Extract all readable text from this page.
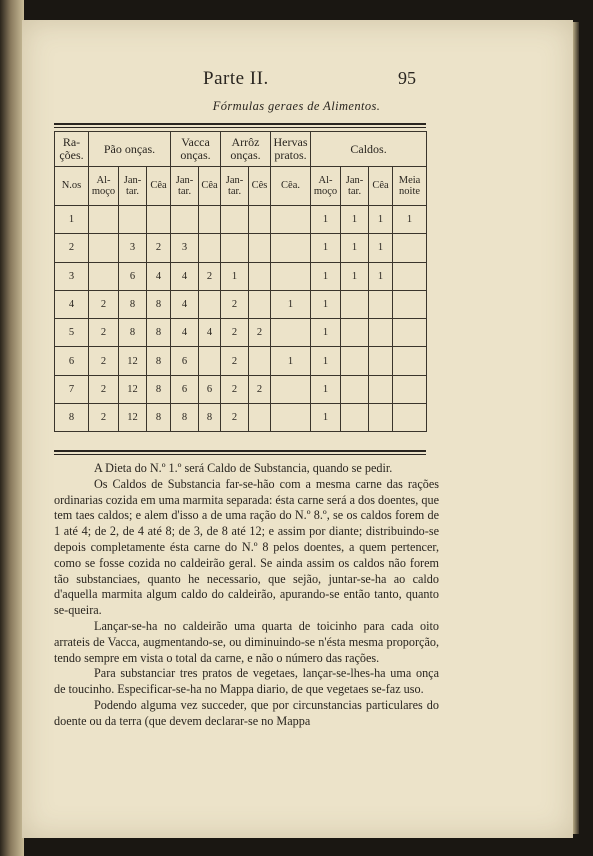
Parte II.	95
Fórmulas geraes de Alimentos.
Ra- ções.	Pão onças.			Vacca onças.		Arrôz onças.		Hervas pratos.	Caldos.			
N.os	Al- moço	Jan- tar.	Cêa	Jan- tar.	Cêa	Jan- tar.	Cês	Cêa.	Al- moço	Jan- tar.	Cêa	Meia noite
1									1	1	1	1
2		3	2	3					1	1	1	
3		6	4	4	2	1			1	1	1	
4	2	8	8	4		2		1	1			
5	2	8	8	4	4	2	2		1			
6	2	12	8	6		2		1	1			
7	2	12	8	6	6	2	2		1			
8	2	12	8	8	8	2			1			

A Dieta do N.º 1.º será Caldo de Substancia, quando se pedir.

Os Caldos de Substancia far-se-hão com a mesma carne das rações ordinarias cozida em uma marmita separada: ésta carne será a dos doentes, que tem taes caldos; e alem d'isso a de uma ração do N.º 8.º, se os caldos forem de 1 até 4; de 2, de 4 até 8; de 3, de 8 até 12; e assim por diante; distribuindo-se depois completamente ésta carne do N.º 8 pelos doentes, a quem pertencer, como se fosse cozida no caldeirão geral. Se ainda assim os caldos não forem tão substanciaes, quanto he necessario, que sejão, juntar-se-ha ao caldo d'aquella marmita algum caldo do caldeirão, apurando-se então tanto, quanto se-queira.

Lançar-se-ha no caldeirão uma quarta de toicinho para cada oito arrateis de Vacca, augmentando-se, ou diminuindo-se n'ésta mesma proporção, tendo sempre em vista o total da carne, e não o número das rações.

Para substanciar tres pratos de vegetaes, lançar-se-lhes-ha uma onça de toucinho. Especificar-se-ha no Mappa diario, de que vegetaes se-faz uso.

Podendo alguma vez succeder, que por circunstancias particulares do doente ou da terra (que devem declarar-se no Mappa
